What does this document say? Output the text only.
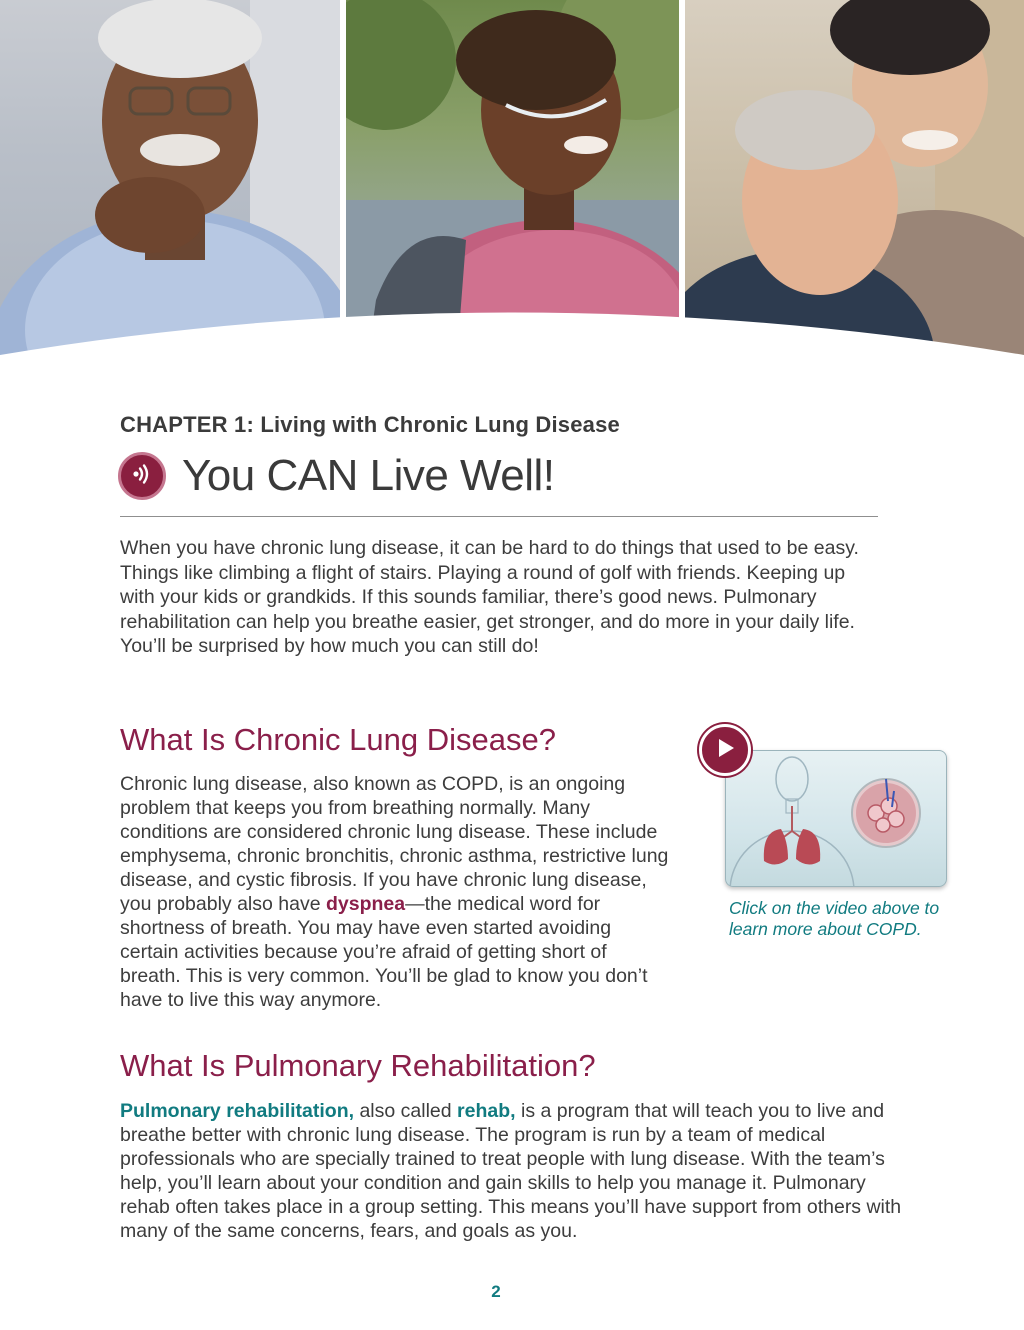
CHAPTER 1: Living with Chronic Lung Disease
You CAN Live Well!

When you have chronic lung disease, it can be hard to do things that used to be easy. Things like climbing a flight of stairs. Playing a round of golf with friends. Keeping up with your kids or grandkids. If this sounds familiar, there’s good news. Pulmonary rehabilitation can help you breathe easier, get stronger, and do more in your daily life. You’ll be surprised by how much you can still do!

What Is Chronic Lung Disease?

Chronic lung disease, also known as COPD, is an ongoing problem that keeps you from breathing normally. Many conditions are considered chronic lung disease. These include emphysema, chronic bronchitis, chronic asthma, restrictive lung disease, and cystic fibrosis. If you have chronic lung disease, you probably also have dyspnea—the medical word for shortness of breath. You may have even started avoiding certain activities because you’re afraid of getting short of breath. This is very common. You’ll be glad to know you don’t have to live this way anymore.

Click on the video above to learn more about COPD.
What Is Pulmonary Rehabilitation?

Pulmonary rehabilitation, also called rehab, is a program that will teach you to live and breathe better with chronic lung disease. The program is run by a team of medical professionals who are specially trained to treat people with lung disease. With the team’s help, you’ll learn about your condition and gain skills to help you manage it. Pulmonary rehab often takes place in a group setting. This means you’ll have support from others with many of the same concerns, fears, and goals as you.

2
